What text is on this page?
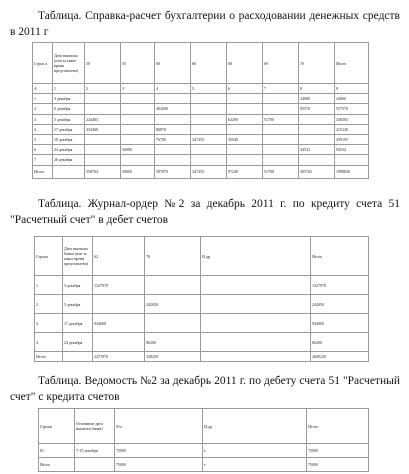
Таблица. Справка-расчет бухгалтерии о расходовании денежных средств в 2011 г
Строк а	Дата выписки (или за какое время представлена)	50	55	60	66	68	69	70	Итого
А	1	2	3	4	5	6	7	8	9
1	3 декабря							24000	24000
2	6 декабря			462000				95570	557570
3	5 декабря	224403				62200	51700		338303
4	17 декабря	334360		80870					415230
5	18 декабря			76700	347455	35040			459195
6	24 декабря		50000					44532	94532
7	26 декабря								
Итого		558763	50000	587870	347455	97240	51700	305702	1998830
Таблица. Журнал-ордер №2 за декабрь 2011 г. по кредиту счета 51 "Расчетный счет" в дебет счетов
Строка	Дата выписки банка (или за какое время представлена)	62	76	И.др.	Итого
1	3 декабря	1327970			1327970
2	5 декабря		242050		242050
3	17 декабря	944000			944000
4	24 декабря		86200		86200
Итого		2271970	328250		2600220
Таблица. Ведомость №2 за декабрь 2011 г. по дебету счета 51 "Расчетный счет" с кредита счетов
Строка	Основание дата выписки банка)	91о	И.др.	Итого
81	7-15 декабря	75000	т	75000
Итого		75000	т	75000
